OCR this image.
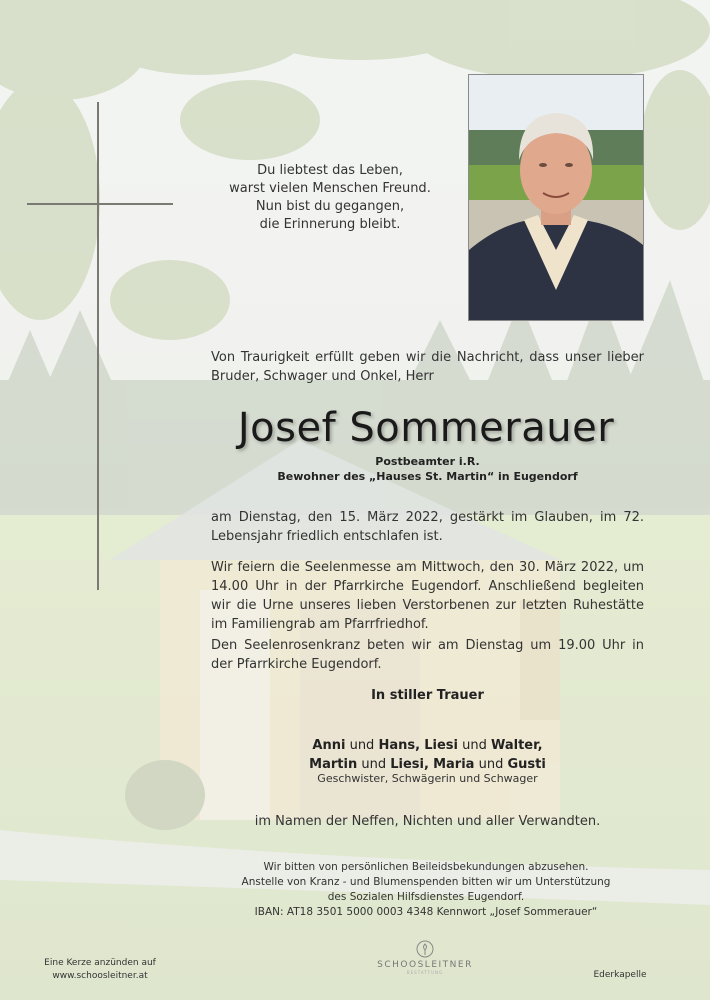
Du liebtest das Leben,
warst vielen Menschen Freund.
Nun bist du gegangen,
die Erinnerung bleibt.
Von Traurigkeit erfüllt geben wir die Nachricht, dass unser lieber Bruder, Schwager und Onkel, Herr
Josef Sommerauer
Postbeamter i.R.
Bewohner des „Hauses St. Martin“ in Eugendorf
am Dienstag, den 15. März 2022, gestärkt im Glauben, im 72. Lebensjahr friedlich entschlafen ist.
Wir feiern die Seelenmesse am Mittwoch, den 30. März 2022, um 14.00 Uhr in der Pfarrkirche Eugendorf. Anschließend begleiten wir die Urne unseres lieben Verstorbenen zur letzten Ruhestätte im Familiengrab am Pfarrfriedhof.
Den Seelenrosenkranz beten wir am Dienstag um 19.00 Uhr in der Pfarrkirche Eugendorf.
In stiller Trauer
Anni und Hans, Liesi und Walter,
Martin und Liesi, Maria und Gusti
Geschwister, Schwägerin und Schwager
im Namen der Neffen, Nichten und aller Verwandten.
Wir bitten von persönlichen Beileidsbekundungen abzusehen.
Anstelle von Kranz - und Blumenspenden bitten wir um Unterstützung
des Sozialen Hilfsdienstes Eugendorf.
IBAN: AT18 3501 5000 0003 4348 Kennwort „Josef Sommerauer“
Eine Kerze anzünden auf
www.schoosleitner.at
SCHOOSLEITNER
BESTATTUNG	Ederkapelle
